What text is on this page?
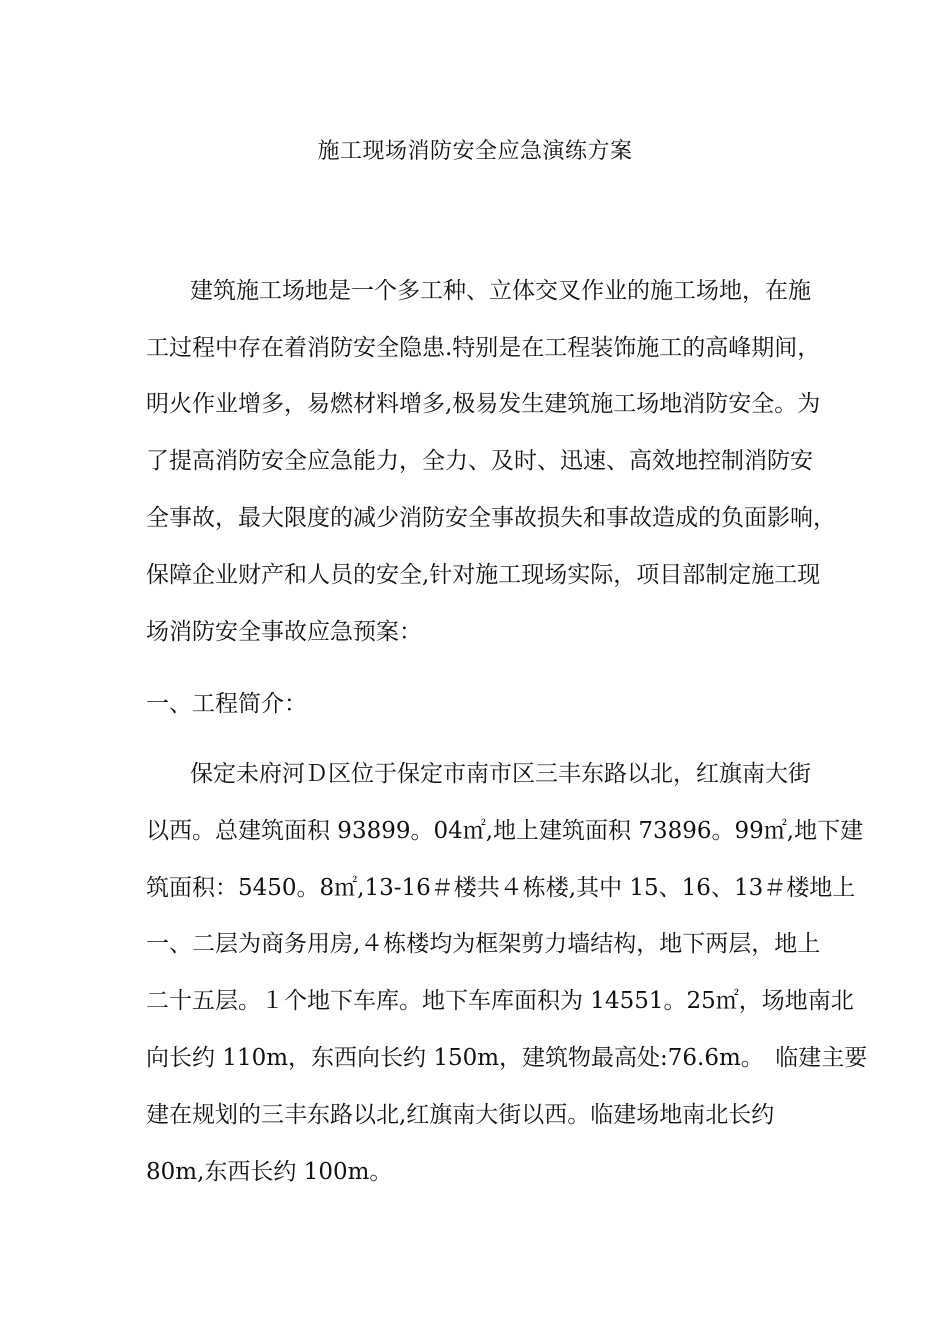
施工现场消防安全应急演练方案

建筑施工场地是一个多工种、立体交叉作业的施工场地，在施

工过程中存在着消防安全隐患.特别是在工程装饰施工的高峰期间，

明火作业增多，易燃材料增多,极易发生建筑施工场地消防安全。为

了提高消防安全应急能力，全力、及时、迅速、高效地控制消防安

全事故，最大限度的减少消防安全事故损失和事故造成的负面影响，

保障企业财产和人员的安全,针对施工现场实际，项目部制定施工现

场消防安全事故应急预案：

一、工程简介：

保定未府河Ｄ区位于保定市南市区三丰东路以北，红旗南大街

以西。总建筑面积 93899。04㎡,地上建筑面积 73896。99㎡,地下建

筑面积：5450。8㎡,13-16＃楼共４栋楼,其中 15、16、13＃楼地上

一、二层为商务用房,４栋楼均为框架剪力墙结构，地下两层，地上

二十五层。１个地下车库。地下车库面积为 14551。25㎡，场地南北

向长约 110m，东西向长约 150m，建筑物最高处:76.6m。　临建主要

建在规划的三丰东路以北,红旗南大街以西。临建场地南北长约

80m,东西长约 100m。
